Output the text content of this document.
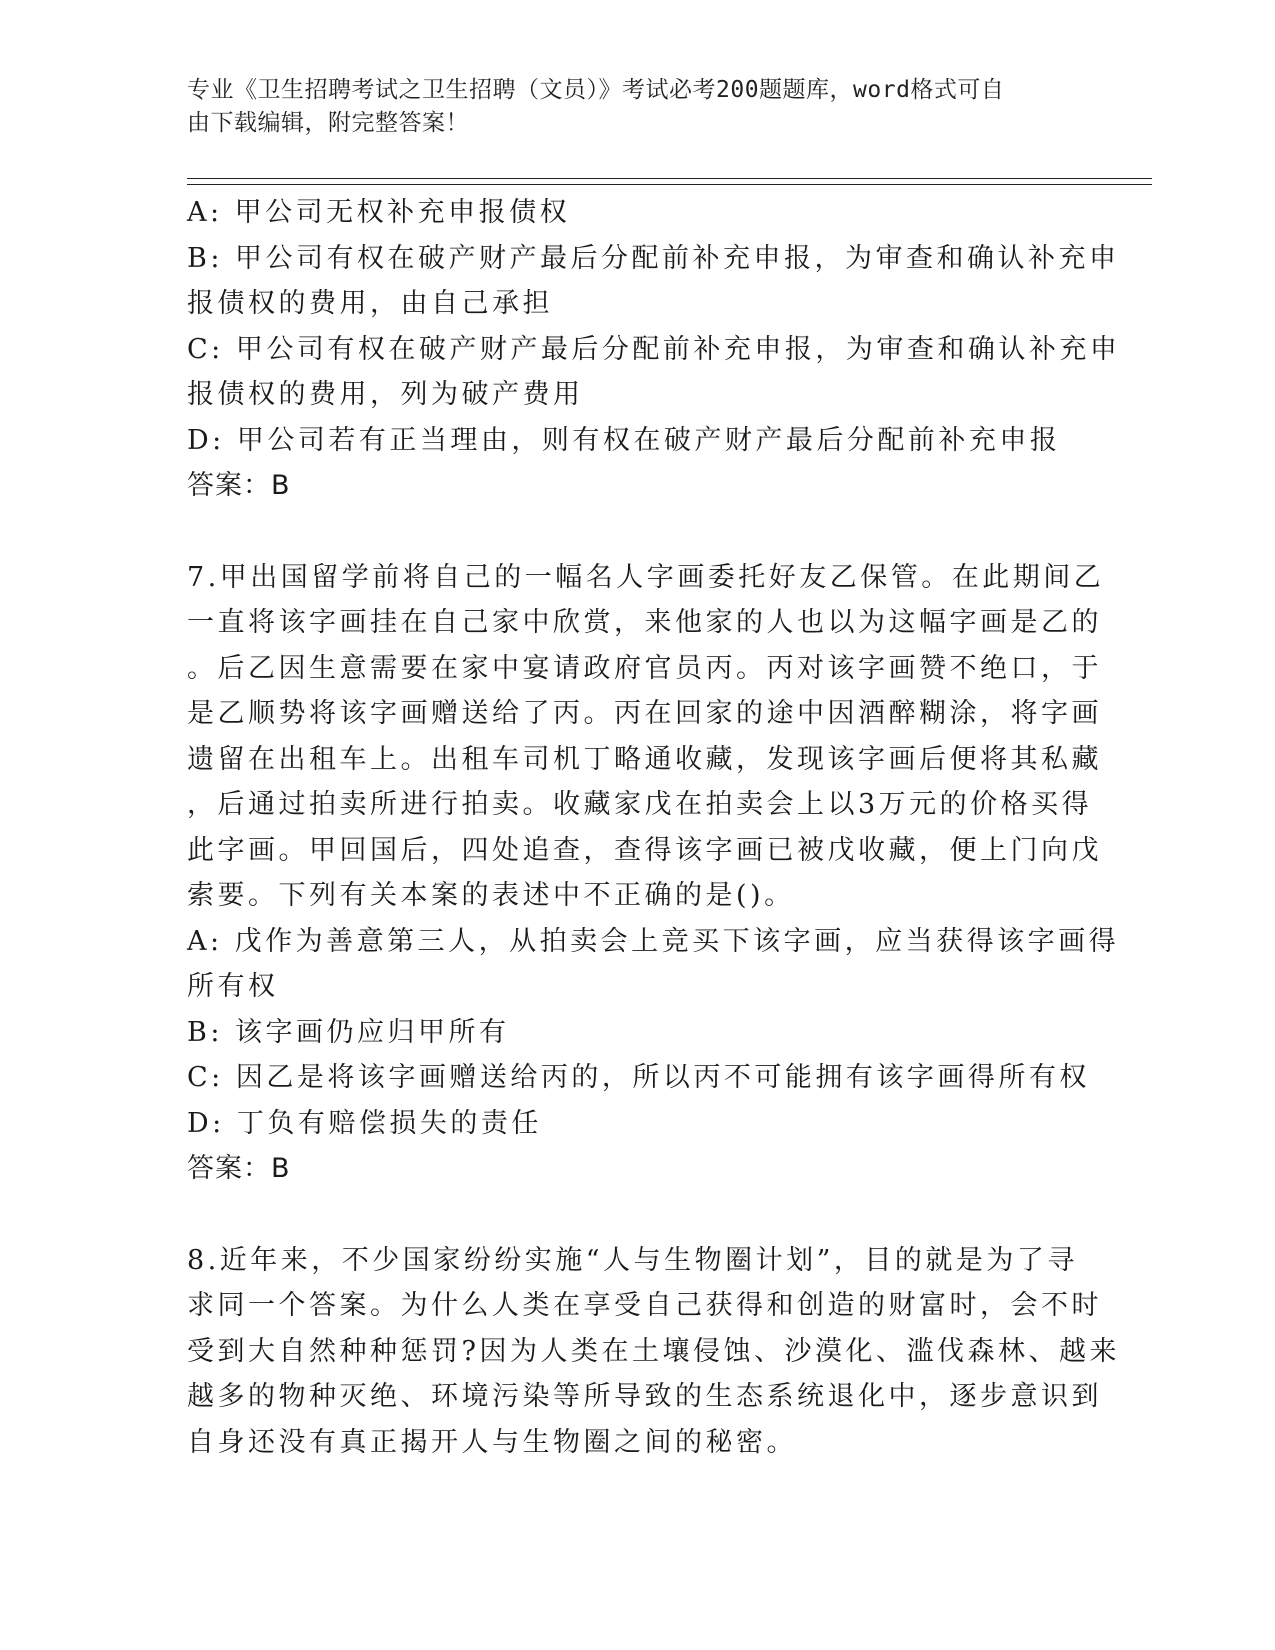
专业《卫生招聘考试之卫生招聘（文员）》考试必考200题题库，word格式可自
由下载编辑，附完整答案！
A: 甲公司无权补充申报债权
B: 甲公司有权在破产财产最后分配前补充申报，为审查和确认补充申
报债权的费用，由自己承担
C: 甲公司有权在破产财产最后分配前补充申报，为审查和确认补充申
报债权的费用，列为破产费用
D: 甲公司若有正当理由，则有权在破产财产最后分配前补充申报
答案：B
7.甲出国留学前将自己的一幅名人字画委托好友乙保管。在此期间乙
一直将该字画挂在自己家中欣赏，来他家的人也以为这幅字画是乙的
。后乙因生意需要在家中宴请政府官员丙。丙对该字画赞不绝口，于
是乙顺势将该字画赠送给了丙。丙在回家的途中因酒醉糊涂，将字画
遗留在出租车上。出租车司机丁略通收藏，发现该字画后便将其私藏
，后通过拍卖所进行拍卖。收藏家戊在拍卖会上以3万元的价格买得
此字画。甲回国后，四处追查，查得该字画已被戊收藏，便上门向戊
索要。下列有关本案的表述中不正确的是()。
A: 戊作为善意第三人，从拍卖会上竞买下该字画，应当获得该字画得
所有权
B: 该字画仍应归甲所有
C: 因乙是将该字画赠送给丙的，所以丙不可能拥有该字画得所有权
D: 丁负有赔偿损失的责任
答案：B
8.近年来，不少国家纷纷实施“人与生物圈计划”，目的就是为了寻
求同一个答案。为什么人类在享受自己获得和创造的财富时，会不时
受到大自然种种惩罚?因为人类在土壤侵蚀、沙漠化、滥伐森林、越来
越多的物种灭绝、环境污染等所导致的生态系统退化中，逐步意识到
自身还没有真正揭开人与生物圈之间的秘密。
